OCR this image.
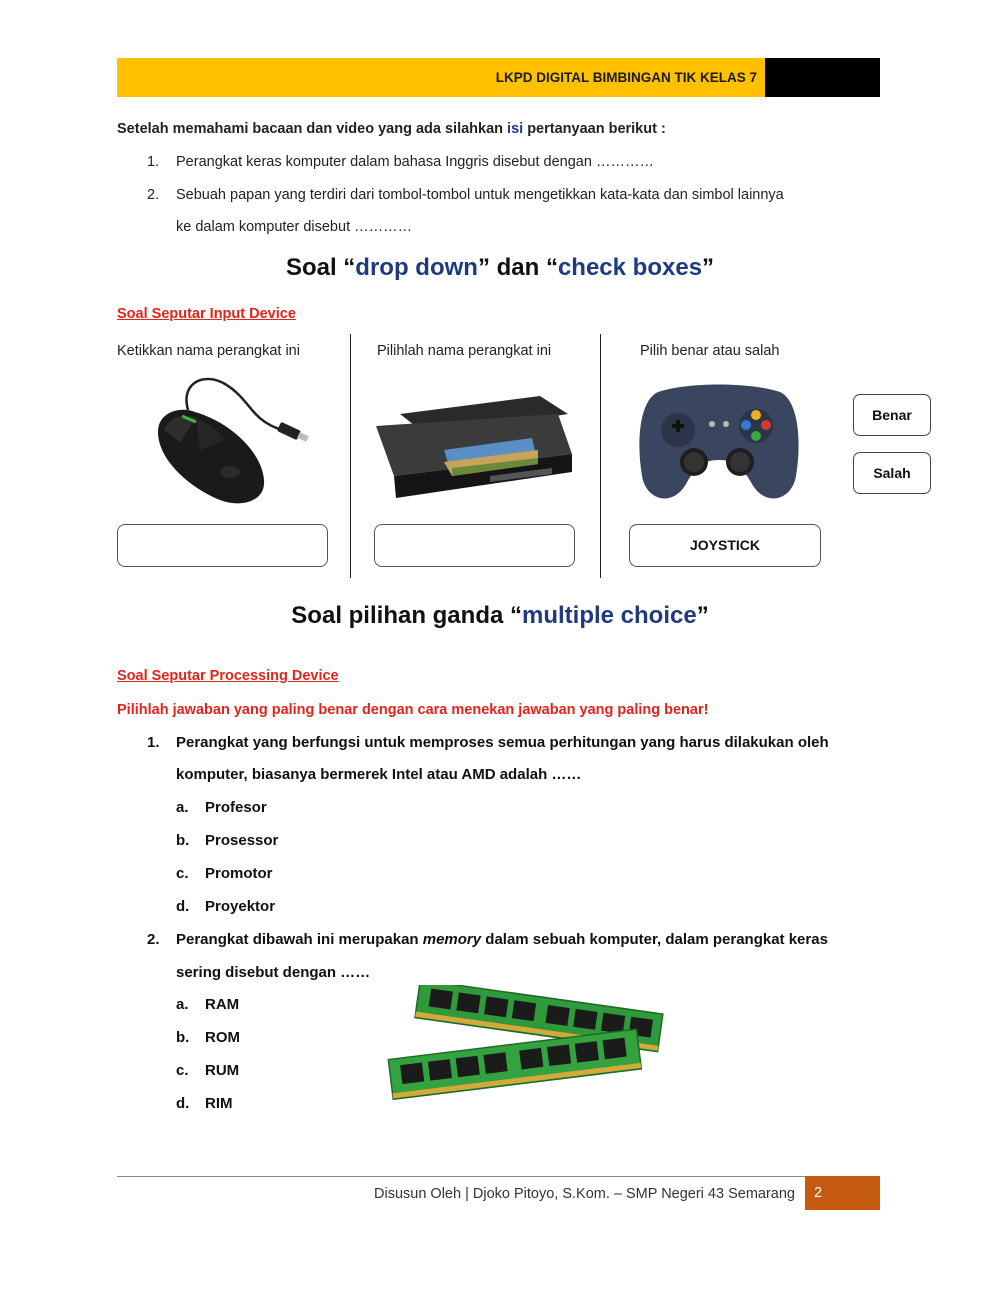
LKPD DIGITAL BIMBINGAN TIK KELAS 7
Setelah memahami bacaan dan video yang ada silahkan isi pertanyaan berikut :
1. Perangkat keras komputer dalam bahasa Inggris disebut dengan …………
2. Sebuah papan yang terdiri dari tombol-tombol untuk mengetikkan kata-kata dan simbol lainnya
ke dalam komputer disebut …………
Soal “drop down” dan “check boxes”
Soal Seputar Input Device
Ketikkan nama perangkat ini	Pilihlah nama perangkat ini	Pilih benar atau salah
JOYSTICK
Benar
Salah
Soal pilihan ganda “multiple choice”
Soal Seputar Processing Device
Pilihlah jawaban yang paling benar dengan cara menekan jawaban yang paling benar!
1. Perangkat yang berfungsi untuk memproses semua perhitungan yang harus dilakukan oleh
komputer, biasanya bermerek Intel atau AMD adalah ……
a. Profesor
b. Prosessor
c. Promotor
d. Proyektor
2. Perangkat dibawah ini merupakan memory dalam sebuah komputer, dalam perangkat keras
sering disebut dengan ……
a. RAM
b. ROM
c. RUM
d. RIM
Disusun Oleh | Djoko Pitoyo, S.Kom. – SMP Negeri 43 Semarang	2
